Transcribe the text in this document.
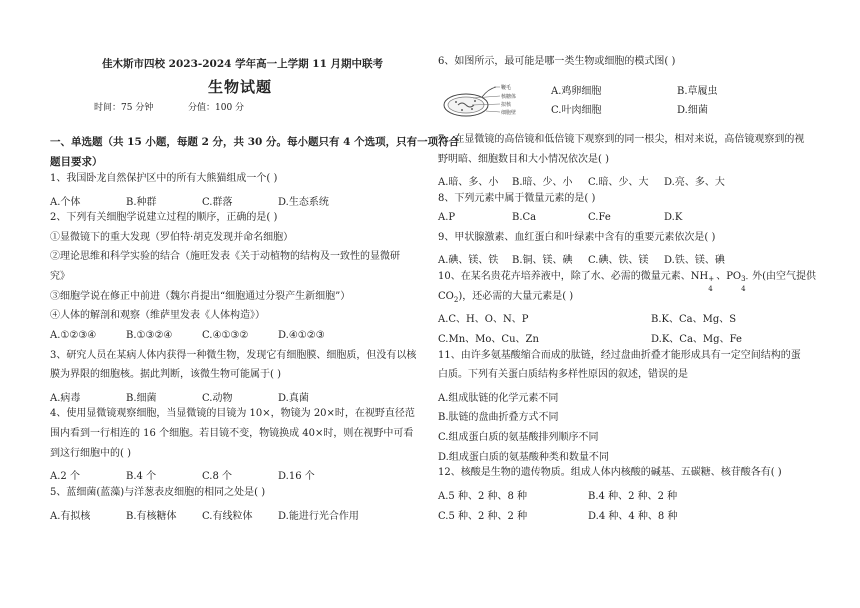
佳木斯市四校 2023-2024 学年高一上学期 11 月期中联考
生物试题
时间：75 分钟	分值：100 分
一、单选题（共 15 小题，每题 2 分，共 30 分。每小题只有 4 个选项，只有一项符合
题目要求）
1、我国卧龙自然保护区中的所有大熊猫组成一个( )
A.个体	B.种群	C.群落	D.生态系统
2、下列有关细胞学说建立过程的顺序，正确的是( )
①显微镜下的重大发现（罗伯特·胡克发现并命名细胞）
②理论思维和科学实验的结合（施旺发表《关于动植物的结构及一致性的显微研
究》
③细胞学说在修正中前进（魏尔肖提出“细胞通过分裂产生新细胞”）
④人体的解剖和观察（维萨里发表《人体构造》）
A.①②③④	B.①③②④	C.④①③②	D.④①②③
3、研究人员在某病人体内获得一种微生物，发现它有细胞膜、细胞质，但没有以核
膜为界限的细胞核。据此判断，该微生物可能属于( )
A.病毒	B.细菌	C.动物	D.真菌
4、使用显微镜观察细胞，当显微镜的目镜为 10×，物镜为 20×时，在视野直径范
围内看到一行相连的 16 个细胞。若目镜不变，物镜换成 40×时，则在视野中可看
到这行细胞中的( )
A.2 个	B.4 个	C.8 个	D.16 个
5、蓝细菌(蓝藻)与洋葱表皮细胞的相同之处是( )
A.有拟核	B.有核糖体	C.有线粒体	D.能进行光合作用
6、如图所示，最可能是哪一类生物或细胞的模式图( )
鞭毛
核糖体
拟核
细胞壁
A.鸡卵细胞	B.草履虫
C.叶肉细胞	D.细菌
7、在显微镜的高倍镜和低倍镜下观察到的同一根尖，相对来说，高倍镜观察到的视
野明暗、细胞数目和大小情况依次是( )
A.暗、多、小 B.暗、少、小 C.暗、少、大 D.亮、多、大
8、下列元素中属于微量元素的是( )
A.P	B.Ca	C.Fe	D.K
9、甲状腺激素、血红蛋白和叶绿素中含有的重要元素依次是( )
A.碘、镁、铁 B.铜、镁、碘 C.碘、铁、镁 D.铁、镁、碘
10、在某名贵花卉培养液中，除了水、必需的微量元素、NH +
4
、PO 3-
4
外(由空气提供
$CO_2$)，还必需的大量元素是( )
A.C、H、O、N、P	B.K、Ca、Mg、S
C.Mn、Mo、Cu、Zn	D.K、Ca、Mg、Fe
11、由许多氨基酸缩合而成的肽链，经过盘曲折叠才能形成具有一定空间结构的蛋
白质。下列有关蛋白质结构多样性原因的叙述，错误的是
A.组成肽链的化学元素不同
B.肽链的盘曲折叠方式不同
C.组成蛋白质的氨基酸排列顺序不同
D.组成蛋白质的氨基酸种类和数量不同
12、核酸是生物的遗传物质。组成人体内核酸的碱基、五碳糖、核苷酸各有( )
A.5 种、2 种、8 种	B.4 种、2 种、2 种
C.5 种、2 种、2 种	D.4 种、4 种、8 种
